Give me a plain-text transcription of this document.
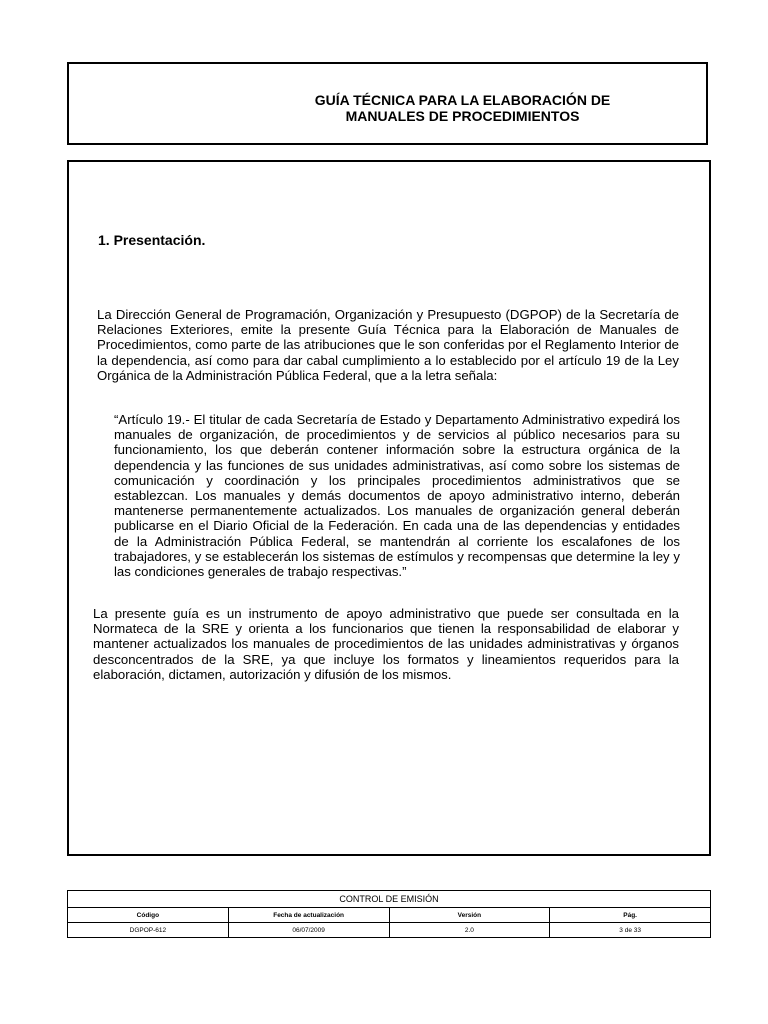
GUÍA TÉCNICA PARA LA ELABORACIÓN DE
MANUALES DE PROCEDIMIENTOS
1. Presentación.

La Dirección General de Programación, Organización y Presupuesto (DGPOP) de la Secretaría de Relaciones Exteriores, emite la presente Guía Técnica para la Elaboración de Manuales de Procedimientos, como parte de las atribuciones que le son conferidas por el Reglamento Interior de la dependencia, así como para dar cabal cumplimiento a lo establecido por el artículo 19 de la Ley Orgánica de la Administración Pública Federal, que a la letra señala:

“Artículo 19.- El titular de cada Secretaría de Estado y Departamento Administrativo expedirá los manuales de organización, de procedimientos y de servicios al público necesarios para su funcionamiento, los que deberán contener información sobre la estructura orgánica de la dependencia y las funciones de sus unidades administrativas, así como sobre los sistemas de comunicación y coordinación y los principales procedimientos administrativos que se establezcan. Los manuales y demás documentos de apoyo administrativo interno, deberán mantenerse permanentemente actualizados. Los manuales de organización general deberán publicarse en el Diario Oficial de la Federación. En cada una de las dependencias y entidades de la Administración Pública Federal, se mantendrán al corriente los escalafones de los trabajadores, y se establecerán los sistemas de estímulos y recompensas que determine la ley y las condiciones generales de trabajo respectivas.”

La presente guía es un instrumento de apoyo administrativo que puede ser consultada en la Normateca de la SRE y orienta a los funcionarios que tienen la responsabilidad de elaborar y mantener actualizados los manuales de procedimientos de las unidades administrativas y órganos desconcentrados de la SRE, ya que incluye los formatos y lineamientos requeridos para la elaboración, dictamen, autorización y difusión de los mismos.

CONTROL DE EMISIÓN			
Código	Fecha de actualización	Versión	Pág.
DGPOP-612	06/07/2009	2.0	3 de 33
